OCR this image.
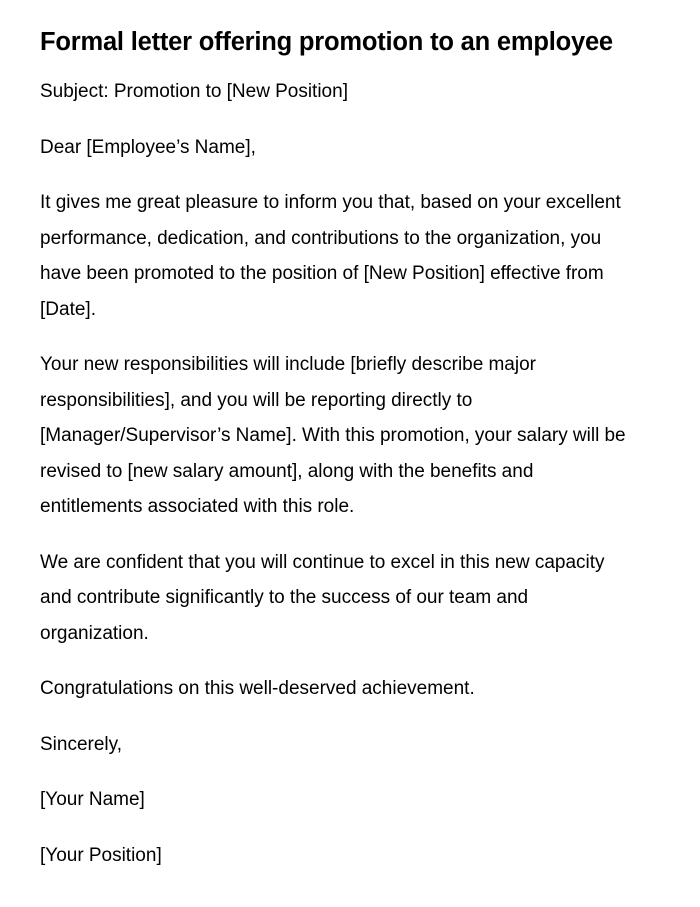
Formal letter offering promotion to an employee

Subject: Promotion to [New Position]

Dear [Employee’s Name],

It gives me great pleasure to inform you that, based on your excellent performance, dedication, and contributions to the organization, you have been promoted to the position of [New Position] effective from [Date].

Your new responsibilities will include [briefly describe major responsibilities], and you will be reporting directly to [Manager/Supervisor’s Name]. With this promotion, your salary will be revised to [new salary amount], along with the benefits and entitlements associated with this role.

We are confident that you will continue to excel in this new capacity and contribute significantly to the success of our team and organization.

Congratulations on this well-deserved achievement.

Sincerely,

[Your Name]

[Your Position]
